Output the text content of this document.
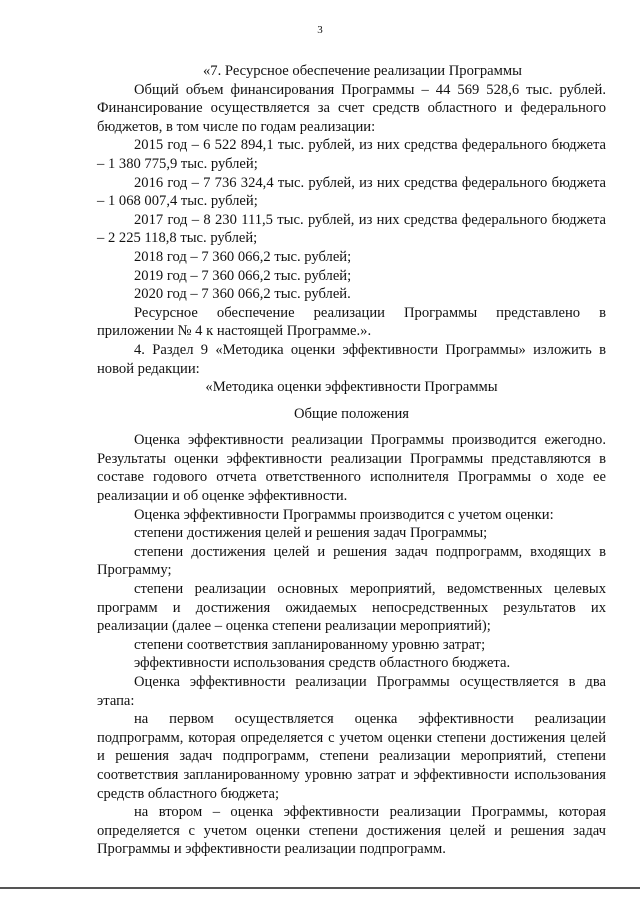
3

«7. Ресурсное обеспечение реализации Программы

Общий объем финансирования Программы – 44 569 528,6 тыс. рублей. Финансирование осуществляется за счет средств областного и федерального бюджетов, в том числе по годам реализации:

2015 год – 6 522 894,1 тыс. рублей, из них средства федерального бюджета – 1 380 775,9 тыс. рублей;

2016 год – 7 736 324,4 тыс. рублей, из них средства федерального бюджета – 1 068 007,4 тыс. рублей;

2017 год – 8 230 111,5 тыс. рублей, из них средства федерального бюджета – 2 225 118,8 тыс. рублей;

2018 год – 7 360 066,2 тыс. рублей;

2019 год – 7 360 066,2 тыс. рублей;

2020 год – 7 360 066,2 тыс. рублей.

Ресурсное обеспечение реализации Программы представлено в приложении № 4 к настоящей Программе.».

4. Раздел 9 «Методика оценки эффективности Программы» изложить в новой редакции:

«Методика оценки эффективности Программы

Общие положения

Оценка эффективности реализации Программы производится ежегодно. Результаты оценки эффективности реализации Программы представляются в составе годового отчета ответственного исполнителя Программы о ходе ее реализации и об оценке эффективности.

Оценка эффективности Программы производится с учетом оценки:

степени достижения целей и решения задач Программы;

степени достижения целей и решения задач подпрограмм, входящих в Программу;

степени реализации основных мероприятий, ведомственных целевых программ и достижения ожидаемых непосредственных результатов их реализации (далее – оценка степени реализации мероприятий);

степени соответствия запланированному уровню затрат;

эффективности использования средств областного бюджета.

Оценка эффективности реализации Программы осуществляется в два этапа:

на первом осуществляется оценка эффективности реализации подпрограмм, которая определяется с учетом оценки степени достижения целей и решения задач подпрограмм, степени реализации мероприятий, степени соответствия запланированному уровню затрат и эффективности использования средств областного бюджета;

на втором – оценка эффективности реализации Программы, которая определяется с учетом оценки степени достижения целей и решения задач Программы и эффективности реализации подпрограмм.
